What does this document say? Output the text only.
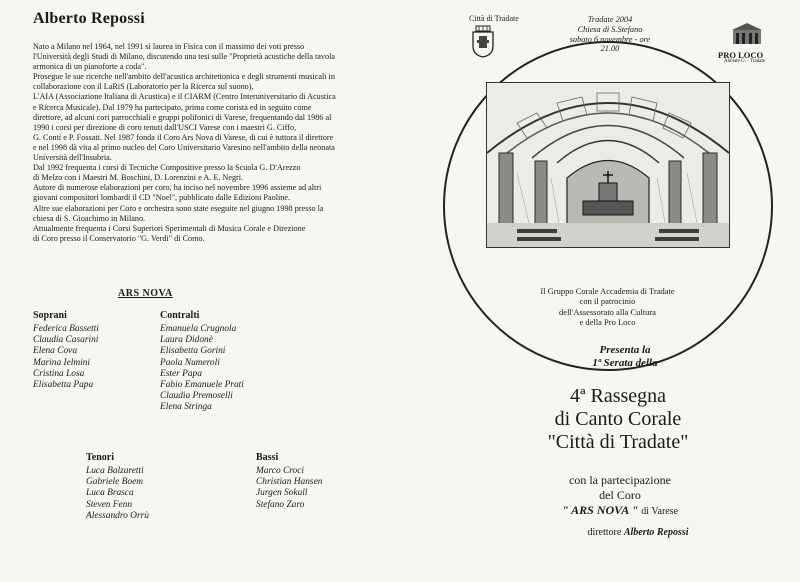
Alberto Repossi

Nato a Milano nel 1964, nel 1991 si laurea in Fisica con il massimo dei voti presso

l'Università degli Studi di Milano, discutendo una tesi sulle "Proprietà acustiche della tavola

armonica di un pianoforte a coda".

Prosegue le sue ricerche nell'ambito dell'acustica architettonica e degli strumenti musicali in

collaborazione con il LaRiS (Laboratorio per la Ricerca sul suono),

L'AIA (Associazione Italiana di Acustica) e il CIARM (Centro Interuniversitario di Acustica

e Ricerca Musicale). Dal 1979 ha partecipato, prima come corista ed in seguito come

direttore, ad alcuni cori parrocchiali e gruppi polifonici di Varese, frequentando dal 1986 al

1990 i corsi per direzione di coro tenuti dall'USCI Varese con i maestri G. Ciffo,

G. Conti e P. Fossati. Nel 1987 fonda il Coro Ars Nova di Varese, di cui è tuttora il direttore

e nel 1998 dà vita al primo nucleo del Coro Universitario Varesino nell'ambito della neonata

Università dell'Insubria.

Dal 1992 frequenta i corsi di Tecniche Compositive presso la Scuola G. D'Arezzo

di Melzo con i Maestri M. Boschini, D. Lorenzini e A. E. Negri.

Autore di numerose elaborazioni per coro, ha inciso nel novembre 1996 assieme ad altri

giovani compositori lombardi il CD "Noel", pubblicato dalle Edizioni Paoline.

Altre sue elaborazioni per Coro e orchestra sono state eseguite nel giugno 1998 presso la

chiesa di S. Gioachimo in Milano.

Attualmente frequenta i Corsi Superiori Sperimentali di Musica Corale e Direzione

di Coro presso il Conservatorio "G. Verdi" di Como.

ARS NOVA
Soprani
Federica Bassetti
Claudia Casarini
Elena Cova
Marina Ielmini
Cristina Losa
Elisabetta Papa
Contralti
Emanuela Crugnola
Laura Didonè
Elisabetta Gorini
Paola Numeroli
Ester Papa
Fabio Emanuele Prati
Claudia Premoselli
Elena Stringa
Tenori
Luca Balzaretti
Gabriele Boem
Luca Brasca
Steven Fenn
Alessandro Orrù
Bassi
Marco Croci
Christian Hansen
Jurgen Sokull
Stefano Zaro
Città di Tradate	Tradate 2004
Chiesa di S.Stefano
sabato 6 novembre - ore 21.00
PRO LOCO
Abbiate G. - Tradate
Il Gruppo Corale Accademia di Tradate
con il patrocinio
dell'Assessorato alla Cultura
e della Pro Loco
Presenta la
1ª Serata della
4ª Rassegna
di Canto Corale
"Città di Tradate"
con la partecipazione
del Coro
" ARS NOVA " di Varese
direttore Alberto Repossi
